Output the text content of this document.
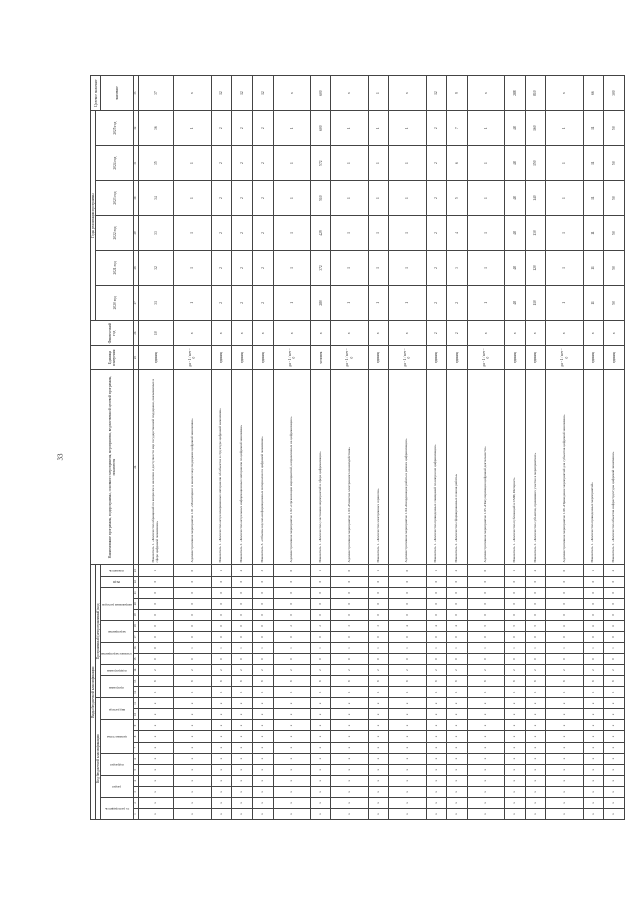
33
Виды бюджетной классификации																							Наименование программы, подпрограммы, основного мероприятия, мероприятия, ведомственной целевой программы, показателя	Единица измерения	Фактический год	Годы реализации программы						Целевое значение
Код бюджетной классификации											Программный (непрограммный) код															2020 год	2021 год	2022 год	2023 год	2024 год	2025 год	
гл. распорядитель		раздел		подраздел		целевая статья			вид расхода		программа		подпрограмма	основное мероприятие		мероприятие		направление расходов			ВЦП	показатель										значение
1	2	3	4	5	6	7	8	9	10	11	12	13	14	15	16	17	18	19	20	21	22	23	24	25	26	27	28	29	30	31	32	33
х	х	х	х	х	х	х	х	х	х	х	1	8	2	0	0	0	0	0	0	0	0	1	Показатель 1. «Количество обращений по вопросам о наличии и доступности мер государственной поддержки, оказываемых в сфере цифровой экономики»	единиц	10	31	32	33	34	35	36	37
х	х	х	х	х	х	х	х	х	х	х	1	8	2	0	1	0	0	0	0	0	0	0	Административное мероприятие 1.01 «Мониторинг и анализ мер поддержки цифровой экономики»	да - 1 / нет - 0	х	1	1	1	1	1	1	х
х	х	х	х	х	х	х	х	х	х	х	1	8	2	0	1	0	0	0	0	0	0	1	Показатель 1. «Количество актуализированных материалов об объектах в структуре цифровой экономики»	единиц	х	2	2	2	2	2	2	12
х	х	х	х	х	х	х	х	х	х	х	1	8	2	0	1	0	0	0	0	0	0	2	Показатель 2. «Количество актуальных информационных материалов по цифровой экономике»	единиц	х	2	2	2	2	2	2	12
х	х	х	х	х	х	х	х	х	х	х	1	8	2	0	1	0	0	0	0	0	0	3	Показатель 3. «Объемы научно-информационных материалов по цифровой экономике»	единиц	х	2	2	2	2	2	2	12
х	х	х	х	х	х	х	х	х	х	х	1	8	2	0	1	0	2	0	0	0	0	0	Административное мероприятие 1.02 «Организация мероприятий, направленных на цифровизацию»	да - 1 / нет - 0	х	1	1	1	1	1	1	х
х	х	х	х	х	х	х	х	х	х	х	1	8	2	0	1	0	2	0	0	0	0	1	Показатель 1. «Количество участников мероприятий в сфере цифровизации»	человек	х	280	372	429	510	572	600	600
х	х	х	х	х	х	х	х	х	х	х	1	8	2	0	1	0	3	0	0	0	0	0	Административное мероприятие 1.03 «Развитие электронного взаимодействия»	да - 1 / нет - 0	х	1	1	1	1	1	1	х
х	х	х	х	х	х	х	х	х	х	х	1	8	2	0	1	0	3	0	0	0	0	1	Показатель 1. «Количество электронных сервисов»	единиц	х	1	1	1	1	1	1	1
х	х	х	х	х	х	х	х	х	х	х	1	8	2	0	1	0	4	0	0	0	0	0	Административное мероприятие 1.04 «Координация работы в рамках цифровизации»	да - 1 / нет - 0	х	1	1	1	1	1	1	х
х	х	х	х	х	х	х	х	х	х	х	1	8	2	0	1	0	4	0	0	0	0	1	Показатель 1. «Количество проведенных совещаний по вопросам цифровизации»	единиц	2	2	2	2	2	2	2	12
х	х	х	х	х	х	х	х	х	х	х	1	8	2	0	1	0	4	0	0	0	0	2	Показатель 2. «Количество сформированных планов работы»	единиц	2	2	3	4	5	6	7	9
х	х	х	х	х	х	х	х	х	х	х	1	8	2	0	1	0	5	0	0	0	0	0	Административное мероприятие 1.05 «Популяризация цифровой деятельности»	да - 1 / нет - 0	х	1	1	1	1	1	1	х
х	х	х	х	х	х	х	х	х	х	х	1	8	2	0	1	0	5	0	0	0	0	1	Показатель 1. «Количество публикаций в СМИ, Интернет»	единиц	х	48	48	48	48	48	48	288
х	х	х	х	х	х	х	х	х	х	х	1	8	2	0	1	0	5	0	0	0	0	2	Показатель 2. «Количество субъектов, принявших участие в мероприятиях»	единиц	х	110	120	130	140	150	160	810
х	х	х	х	х	х	х	х	х	х	х	1	8	2	0	1	0	6	0	0	0	0	0	Административное мероприятие 1.06 «Проведение мероприятий для субъектов цифровой экономики»	да - 1 / нет - 0	х	1	1	1	1	1	1	х
х	х	х	х	х	х	х	х	х	х	х	1	8	2	0	1	0	6	0	0	0	0	1	Показатель 1. «Количество проведенных мероприятий»	единиц	х	11	11	11	11	11	11	66
х	х	х	х	х	х	х	х	х	х	х	1	8	2	0	1	0	6	0	0	0	0	2	Показатель 2. «Количество объектов инфраструктуры цифровой экономики»	единиц	х	50	50	50	50	50	50	300
